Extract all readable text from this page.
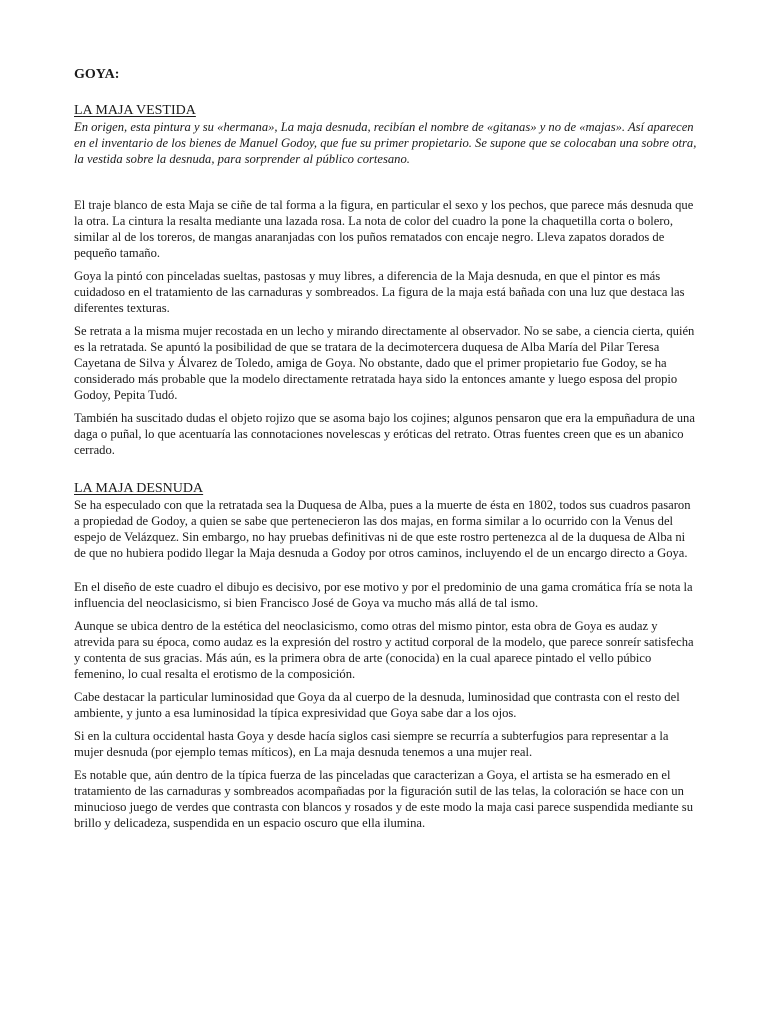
GOYA:
LA MAJA VESTIDA
En origen, esta pintura y su «hermana», La maja desnuda, recibían el nombre de «gitanas» y no de «majas». Así aparecen en el inventario de los bienes de Manuel Godoy, que fue su primer propietario. Se supone que se colocaban una sobre otra, la vestida sobre la desnuda, para sorprender al público cortesano.

El traje blanco de esta Maja se ciñe de tal forma a la figura, en particular el sexo y los pechos, que parece más desnuda que la otra. La cintura la resalta mediante una lazada rosa. La nota de color del cuadro la pone la chaquetilla corta o bolero, similar al de los toreros, de mangas anaranjadas con los puños rematados con encaje negro. Lleva zapatos dorados de pequeño tamaño.

Goya la pintó con pinceladas sueltas, pastosas y muy libres, a diferencia de la Maja desnuda, en que el pintor es más cuidadoso en el tratamiento de las carnaduras y sombreados. La figura de la maja está bañada con una luz que destaca las diferentes texturas.

Se retrata a la misma mujer recostada en un lecho y mirando directamente al observador. No se sabe, a ciencia cierta, quién es la retratada. Se apuntó la posibilidad de que se tratara de la decimotercera duquesa de Alba María del Pilar Teresa Cayetana de Silva y Álvarez de Toledo, amiga de Goya. No obstante, dado que el primer propietario fue Godoy, se ha considerado más probable que la modelo directamente retratada haya sido la entonces amante y luego esposa del propio Godoy, Pepita Tudó.

También ha suscitado dudas el objeto rojizo que se asoma bajo los cojines; algunos pensaron que era la empuñadura de una daga o puñal, lo que acentuaría las connotaciones novelescas y eróticas del retrato. Otras fuentes creen que es un abanico cerrado.

LA MAJA DESNUDA

Se ha especulado con que la retratada sea la Duquesa de Alba, pues a la muerte de ésta en 1802, todos sus cuadros pasaron a propiedad de Godoy, a quien se sabe que pertenecieron las dos majas, en forma similar a lo ocurrido con la Venus del espejo de Velázquez. Sin embargo, no hay pruebas definitivas ni de que este rostro pertenezca al de la duquesa de Alba ni de que no hubiera podido llegar la Maja desnuda a Godoy por otros caminos, incluyendo el de un encargo directo a Goya.

En el diseño de este cuadro el dibujo es decisivo, por ese motivo y por el predominio de una gama cromática fría se nota la influencia del neoclasicismo, si bien Francisco José de Goya va mucho más allá de tal ismo.

Aunque se ubica dentro de la estética del neoclasicismo, como otras del mismo pintor, esta obra de Goya es audaz y atrevida para su época, como audaz es la expresión del rostro y actitud corporal de la modelo, que parece sonreír satisfecha y contenta de sus gracias. Más aún, es la primera obra de arte (conocida) en la cual aparece pintado el vello púbico femenino, lo cual resalta el erotismo de la composición.

Cabe destacar la particular luminosidad que Goya da al cuerpo de la desnuda, luminosidad que contrasta con el resto del ambiente, y junto a esa luminosidad la típica expresividad que Goya sabe dar a los ojos.

Si en la cultura occidental hasta Goya y desde hacía siglos casi siempre se recurría a subterfugios para representar a la mujer desnuda (por ejemplo temas míticos), en La maja desnuda tenemos a una mujer real.

Es notable que, aún dentro de la típica fuerza de las pinceladas que caracterizan a Goya, el artista se ha esmerado en el tratamiento de las carnaduras y sombreados acompañadas por la figuración sutil de las telas, la coloración se hace con un minucioso juego de verdes que contrasta con blancos y rosados y de este modo la maja casi parece suspendida mediante su brillo y delicadeza, suspendida en un espacio oscuro que ella ilumina.
